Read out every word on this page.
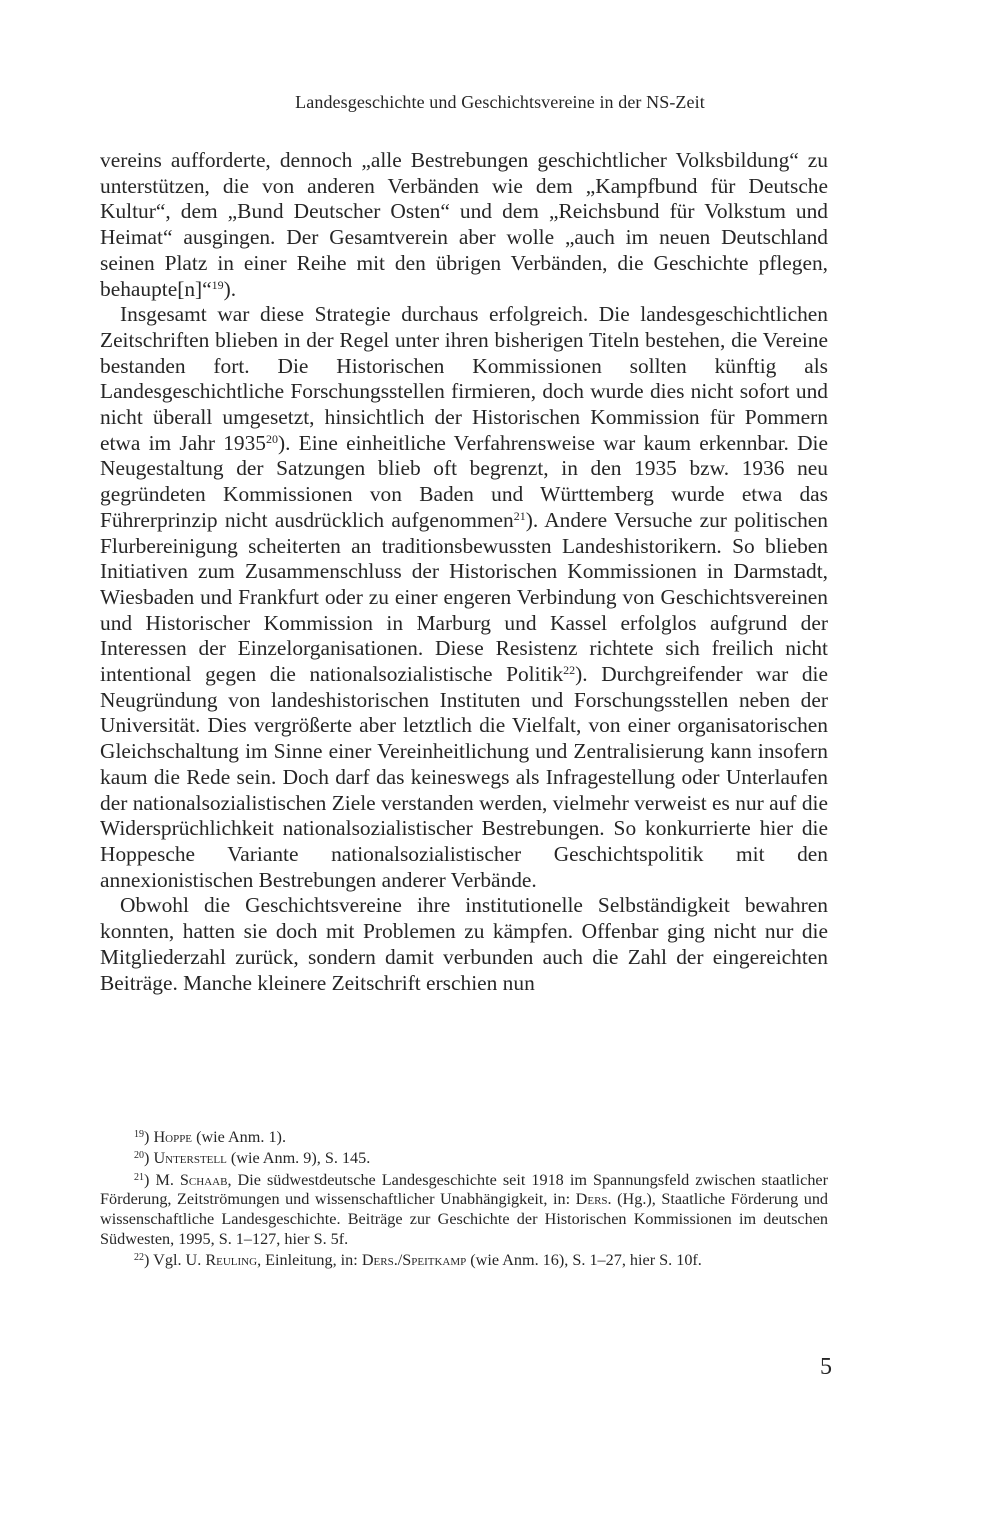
Landesgeschichte und Geschichtsvereine in der NS-Zeit

vereins aufforderte, dennoch „alle Bestrebungen geschichtlicher Volksbildung“ zu unterstützen, die von anderen Verbänden wie dem „Kampfbund für Deutsche Kultur“, dem „Bund Deutscher Osten“ und dem „Reichsbund für Volkstum und Heimat“ ausgingen. Der Gesamtverein aber wolle „auch im neuen Deutschland seinen Platz in einer Reihe mit den übrigen Verbänden, die Geschichte pflegen, behaupte[n]“$^{19}$).

Insgesamt war diese Strategie durchaus erfolgreich. Die landesgeschichtlichen Zeitschriften blieben in der Regel unter ihren bisherigen Titeln bestehen, die Vereine bestanden fort. Die Historischen Kommissionen sollten künftig als Landesgeschichtliche Forschungsstellen firmieren, doch wurde dies nicht sofort und nicht überall umgesetzt, hinsichtlich der Historischen Kommission für Pommern etwa im Jahr 1935$^{20}$). Eine einheitliche Verfahrensweise war kaum erkennbar. Die Neugestaltung der Satzungen blieb oft begrenzt, in den 1935 bzw. 1936 neu gegründeten Kommissionen von Baden und Württemberg wurde etwa das Führerprinzip nicht ausdrücklich aufgenommen$^{21}$). Andere Versuche zur politischen Flurbereinigung scheiterten an traditionsbewussten Landeshistorikern. So blieben Initiativen zum Zusammenschluss der Historischen Kommissionen in Darmstadt, Wiesbaden und Frankfurt oder zu einer engeren Verbindung von Geschichtsvereinen und Historischer Kommission in Marburg und Kassel erfolglos aufgrund der Interessen der Einzelorganisationen. Diese Resistenz richtete sich freilich nicht intentional gegen die nationalsozialistische Politik$^{22}$). Durchgreifender war die Neugründung von landeshistorischen Instituten und Forschungsstellen neben der Universität. Dies vergrößerte aber letztlich die Vielfalt, von einer organisatorischen Gleichschaltung im Sinne einer Vereinheitlichung und Zentralisierung kann insofern kaum die Rede sein. Doch darf das keineswegs als Infragestellung oder Unterlaufen der nationalsozialistischen Ziele verstanden werden, vielmehr verweist es nur auf die Widersprüchlichkeit nationalsozialistischer Bestrebungen. So konkurrierte hier die Hoppesche Variante nationalsozialistischer Geschichtspolitik mit den annexionistischen Bestrebungen anderer Verbände.

Obwohl die Geschichtsvereine ihre institutionelle Selbständigkeit bewahren konnten, hatten sie doch mit Problemen zu kämpfen. Offenbar ging nicht nur die Mitgliederzahl zurück, sondern damit verbunden auch die Zahl der eingereichten Beiträge. Manche kleinere Zeitschrift erschien nun

$^{19}$) Hoppe (wie Anm. 1).
$^{20}$) Unterstell (wie Anm. 9), S. 145.
$^{21}$) M. Schaab, Die südwestdeutsche Landesgeschichte seit 1918 im Spannungsfeld zwischen staatlicher Förderung, Zeitströmungen und wissenschaftlicher Unabhängigkeit, in: Ders. (Hg.), Staatliche Förderung und wissenschaftliche Landesgeschichte. Beiträge zur Geschichte der Historischen Kommissionen im deutschen Südwesten, 1995, S. 1–127, hier S. 5f.
$^{22}$) Vgl. U. Reuling, Einleitung, in: Ders./Speitkamp (wie Anm. 16), S. 1–27, hier S. 10f.
5
